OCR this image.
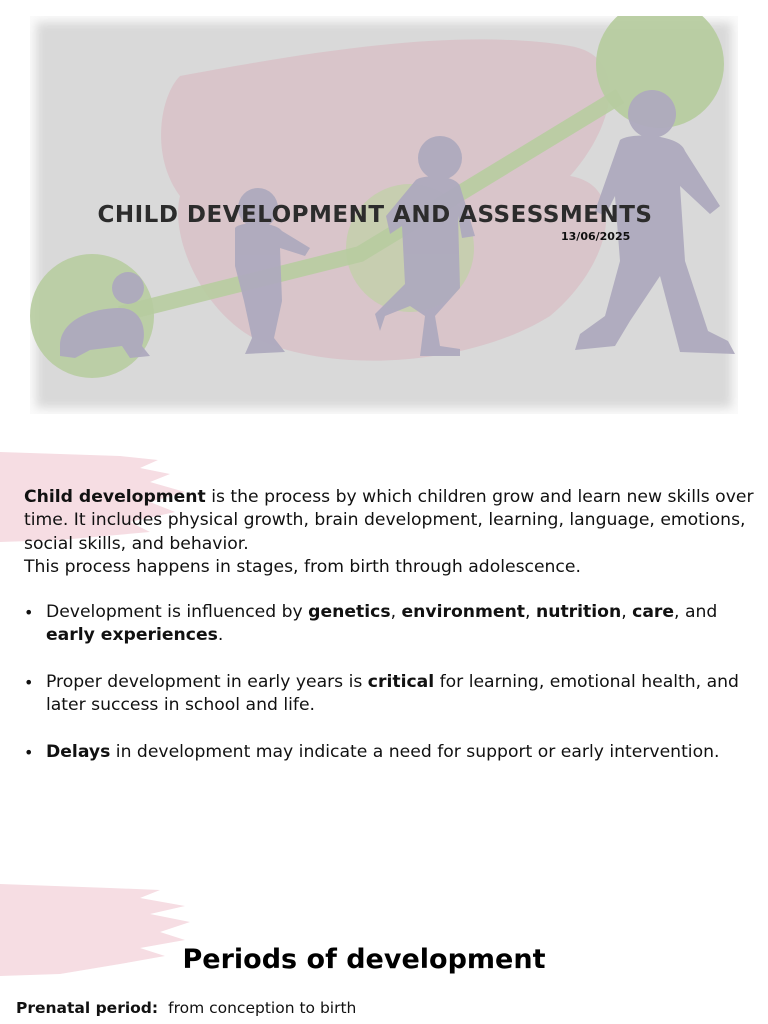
CHILD DEVELOPMENT AND ASSESSMENTS
13/06/2025

Child development is the process by which children grow and learn new skills over time. It includes physical growth, brain development, learning, language, emotions, social skills, and behavior.

This process happens in stages, from birth through adolescence.

• Development is influenced by genetics, environment, nutrition, care, and early experiences.
• Proper development in early years is critical for learning, emotional health, and later success in school and life.
• Delays in development may indicate a need for support or early intervention.
Periods of development
Prenatal period: from conception to birth
